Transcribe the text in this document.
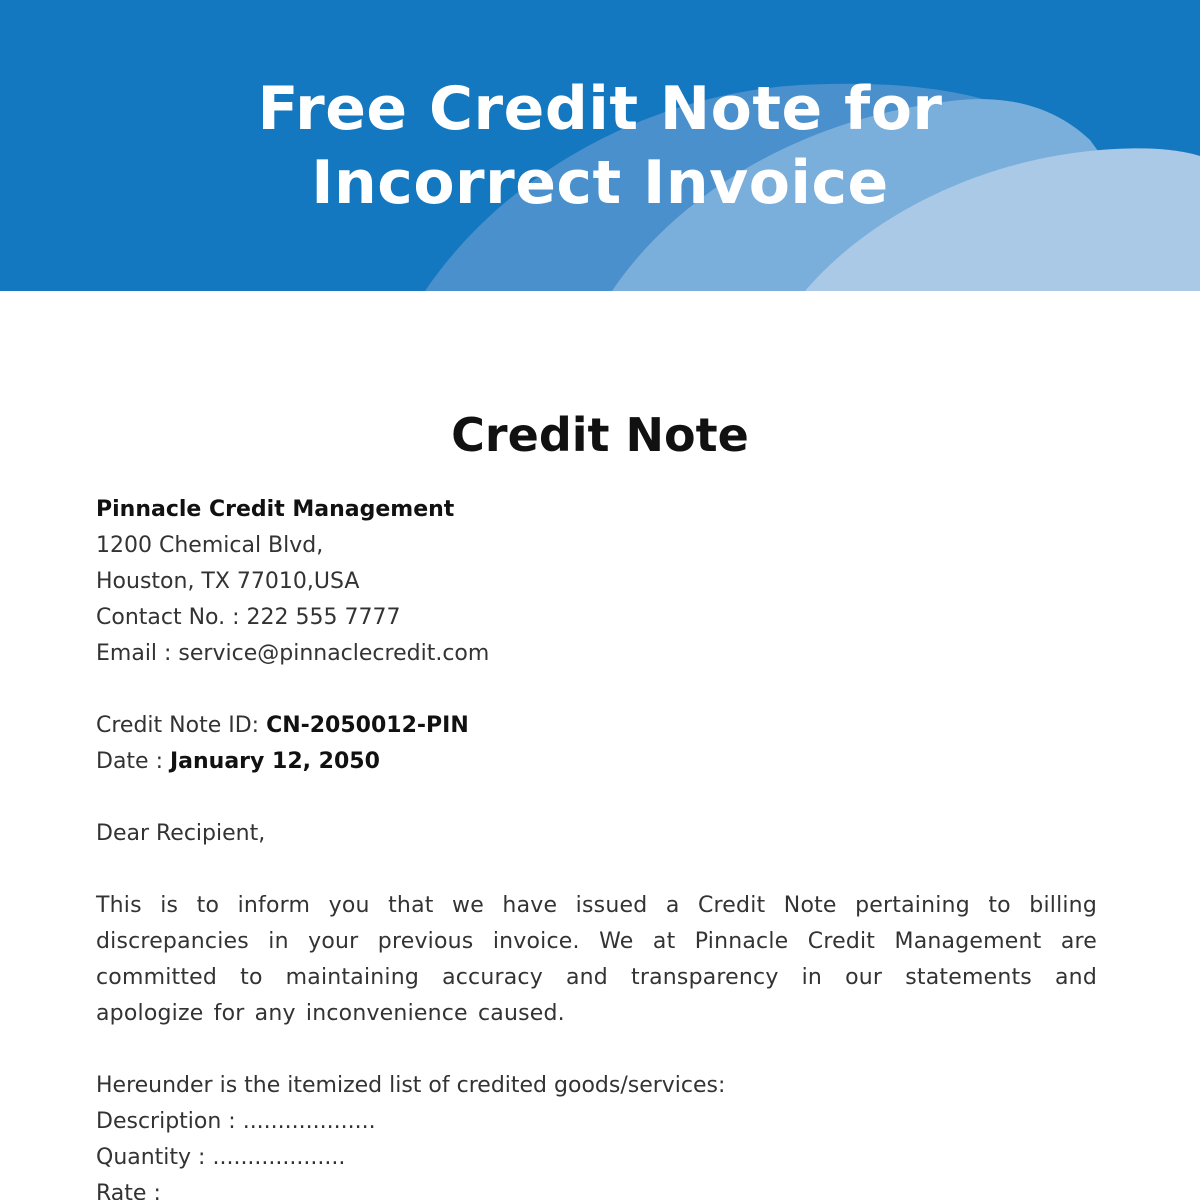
Free Credit Note for
Incorrect Invoice
Credit Note
Pinnacle Credit Management
1200 Chemical Blvd,
Houston, TX 77010,USA
Contact No. : 222 555 7777
Email : service@pinnaclecredit.com
Credit Note ID: CN-2050012-PIN
Date : January 12, 2050
Dear Recipient,
This is to inform you that we have issued a Credit Note pertaining to billing discrepancies in your previous invoice. We at Pinnacle Credit Management are committed to maintaining accuracy and transparency in our statements and apologize for any inconvenience caused.
Hereunder is the itemized list of credited goods/services:
Description : ...................
Quantity : ...................
Rate :
